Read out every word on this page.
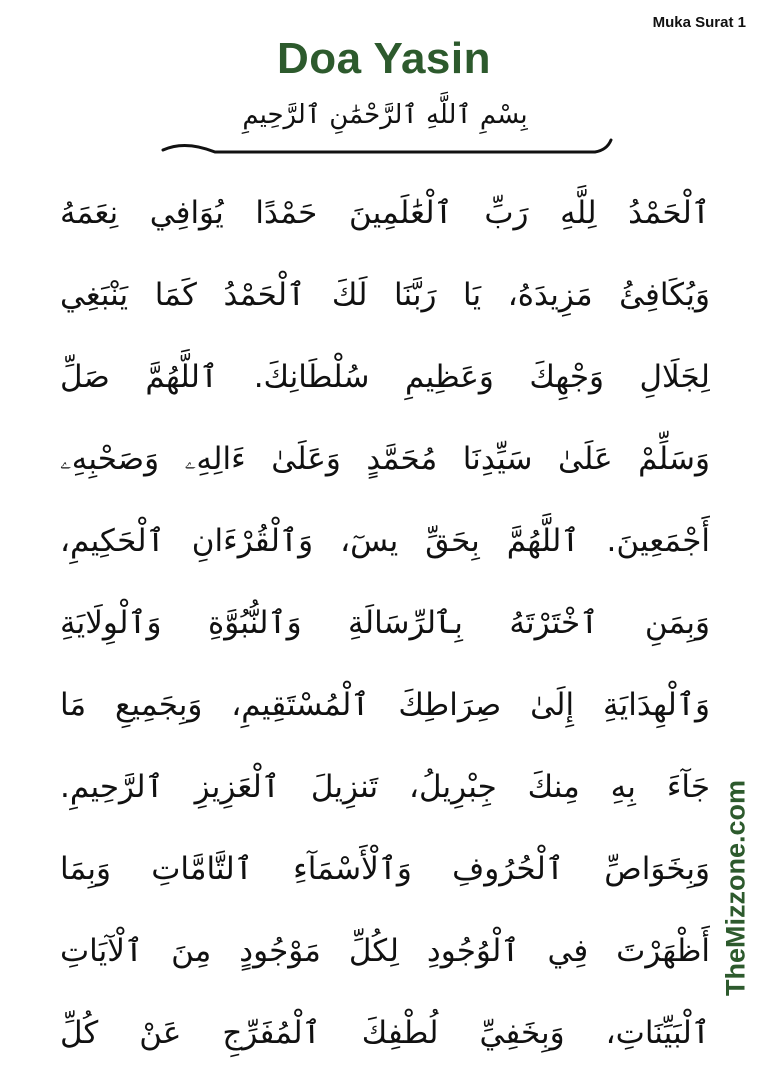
Muka Surat 1
Doa Yasin
بِسْمِ ٱللَّهِ ٱلرَّحْمَٰنِ ٱلرَّحِيمِ
ٱلْحَمْدُ لِلَّهِ رَبِّ ٱلْعَٰلَمِينَ حَمْدًا يُوَافِي نِعَمَهُ
وَيُكَافِئُ مَزِيدَهُ، يَا رَبَّنَا لَكَ ٱلْحَمْدُ كَمَا يَنْبَغِي
لِجَلَالِ وَجْهِكَ وَعَظِيمِ سُلْطَانِكَ. ٱللَّهُمَّ صَلِّ
وَسَلِّمْ عَلَىٰ سَيِّدِنَا مُحَمَّدٍ وَعَلَىٰ ءَالِهِۦ وَصَحْبِهِۦ
أَجْمَعِينَ. ٱللَّهُمَّ بِحَقِّ يسٓ، وَٱلْقُرْءَانِ ٱلْحَكِيمِ،
وَبِمَنِ ٱخْتَرْتَهُ بِٱلرِّسَالَةِ وَٱلنُّبُوَّةِ وَٱلْوِلَايَةِ
وَٱلْهِدَايَةِ إِلَىٰ صِرَاطِكَ ٱلْمُسْتَقِيمِ، وَبِجَمِيعِ مَا
جَآءَ بِهِ مِنكَ جِبْرِيلُ، تَنزِيلَ ٱلْعَزِيزِ ٱلرَّحِيمِ.
وَبِخَوَاصِّ ٱلْحُرُوفِ وَٱلْأَسْمَآءِ ٱلتَّامَّاتِ وَبِمَا
أَظْهَرْتَ فِي ٱلْوُجُودِ لِكُلِّ مَوْجُودٍ مِنَ ٱلْآيَاتِ
ٱلْبَيِّنَاتِ، وَبِخَفِيِّ لُطْفِكَ ٱلْمُفَرِّجِ عَنْ كُلِّ
TheMizzone.com
